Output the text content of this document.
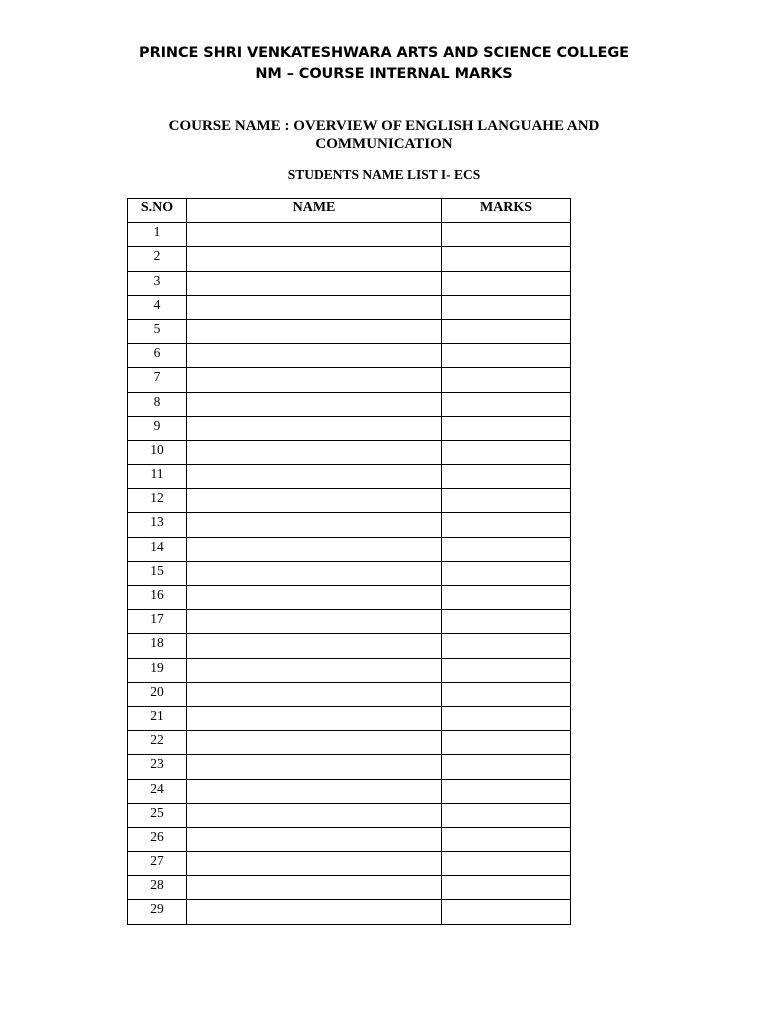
PRINCE SHRI VENKATESHWARA ARTS AND SCIENCE COLLEGE
NM – COURSE INTERNAL MARKS
COURSE NAME : OVERVIEW OF ENGLISH LANGUAHE AND
COMMUNICATION
STUDENTS NAME LIST I- ECS
S.NO	NAME	MARKS
1		
2		
3		
4		
5		
6		
7		
8		
9		
10		
11		
12		
13		
14		
15		
16		
17		
18		
19		
20		
21		
22		
23		
24		
25		
26		
27		
28		
29		
